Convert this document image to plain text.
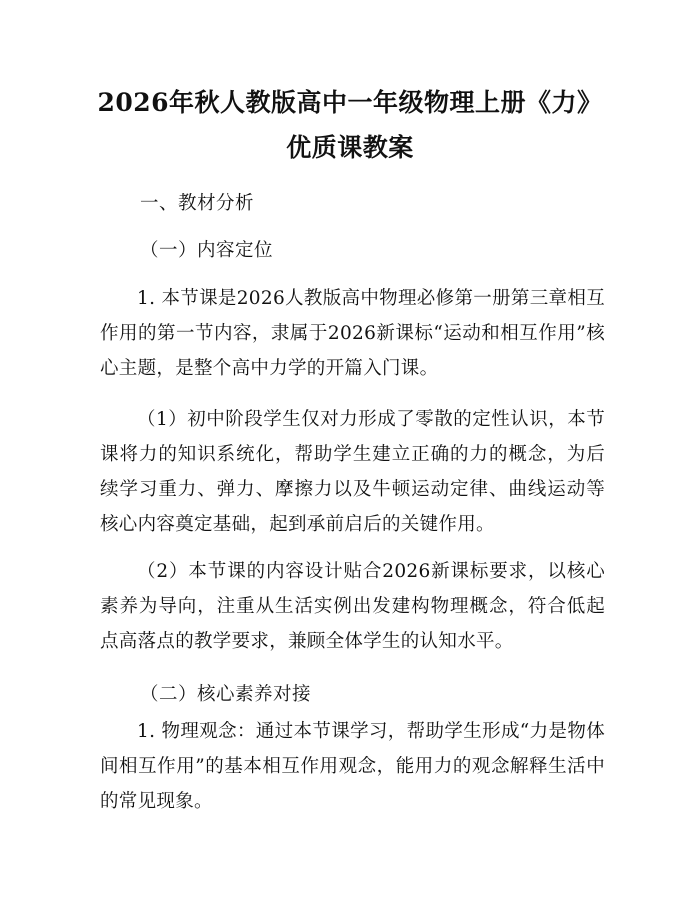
2026年秋人教版高中一年级物理上册《力》
优质课教案
一、教材分析
（一）内容定位
1. 本节课是2026人教版高中物理必修第一册第三章相互作用的第一节内容，隶属于2026新课标“运动和相互作用”核心主题，是整个高中力学的开篇入门课。
（1）初中阶段学生仅对力形成了零散的定性认识，本节课将力的知识系统化，帮助学生建立正确的力的概念，为后续学习重力、弹力、摩擦力以及牛顿运动定律、曲线运动等核心内容奠定基础，起到承前启后的关键作用。
（2）本节课的内容设计贴合2026新课标要求，以核心素养为导向，注重从生活实例出发建构物理概念，符合低起点高落点的教学要求，兼顾全体学生的认知水平。
（二）核心素养对接
1. 物理观念：通过本节课学习，帮助学生形成“力是物体间相互作用”的基本相互作用观念，能用力的观念解释生活中的常见现象。
